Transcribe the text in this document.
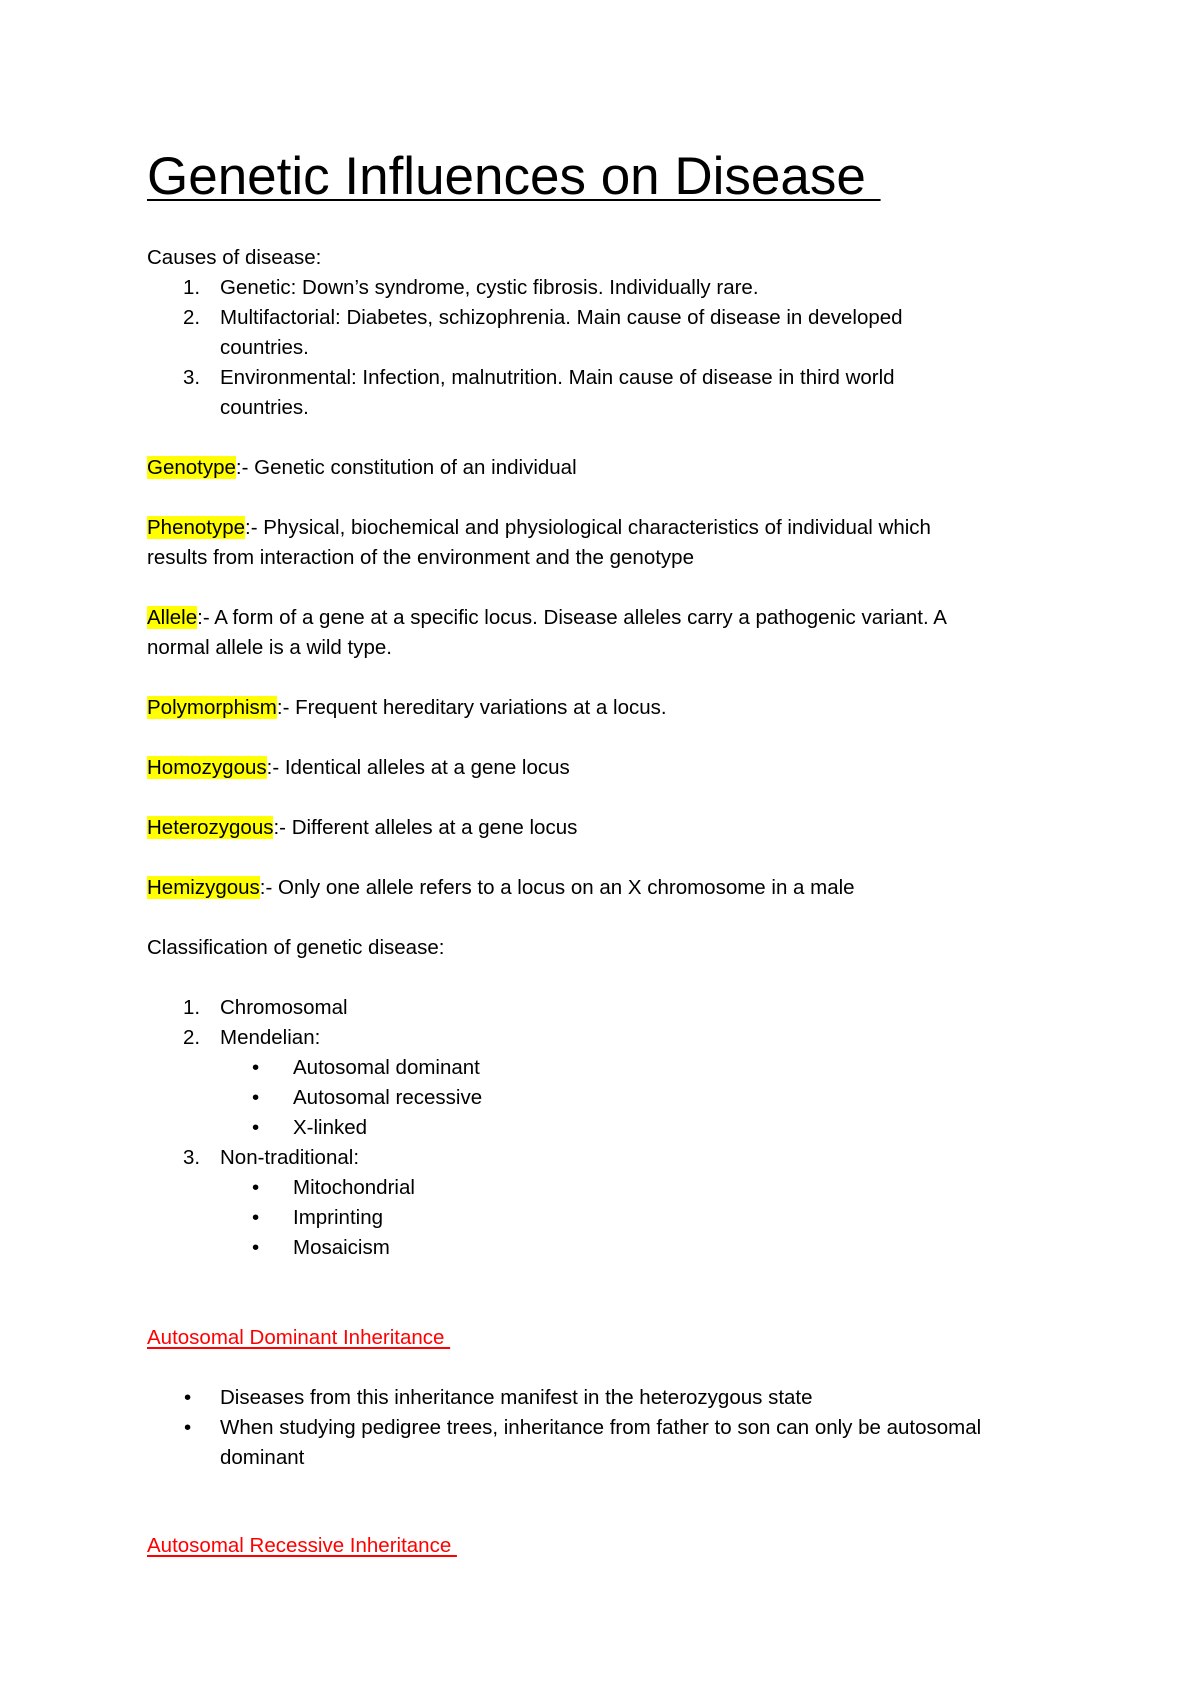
Genetic Influences on Disease
Causes of disease:
1. Genetic: Down’s syndrome, cystic fibrosis. Individually rare.
2. Multifactorial: Diabetes, schizophrenia. Main cause of disease in developed
countries.
3. Environmental: Infection, malnutrition. Main cause of disease in third world
countries.
Genotype:- Genetic constitution of an individual
Phenotype:- Physical, biochemical and physiological characteristics of individual which
results from interaction of the environment and the genotype
Allele:- A form of a gene at a specific locus. Disease alleles carry a pathogenic variant. A
normal allele is a wild type.
Polymorphism:- Frequent hereditary variations at a locus.
Homozygous:- Identical alleles at a gene locus
Heterozygous:- Different alleles at a gene locus
Hemizygous:- Only one allele refers to a locus on an X chromosome in a male
Classification of genetic disease:
1. Chromosomal
2. Mendelian:
• Autosomal dominant
• Autosomal recessive
• X-linked
3. Non-traditional:
• Mitochondrial
• Imprinting
• Mosaicism
Autosomal Dominant Inheritance
• Diseases from this inheritance manifest in the heterozygous state
• When studying pedigree trees, inheritance from father to son can only be autosomal
dominant
Autosomal Recessive Inheritance
